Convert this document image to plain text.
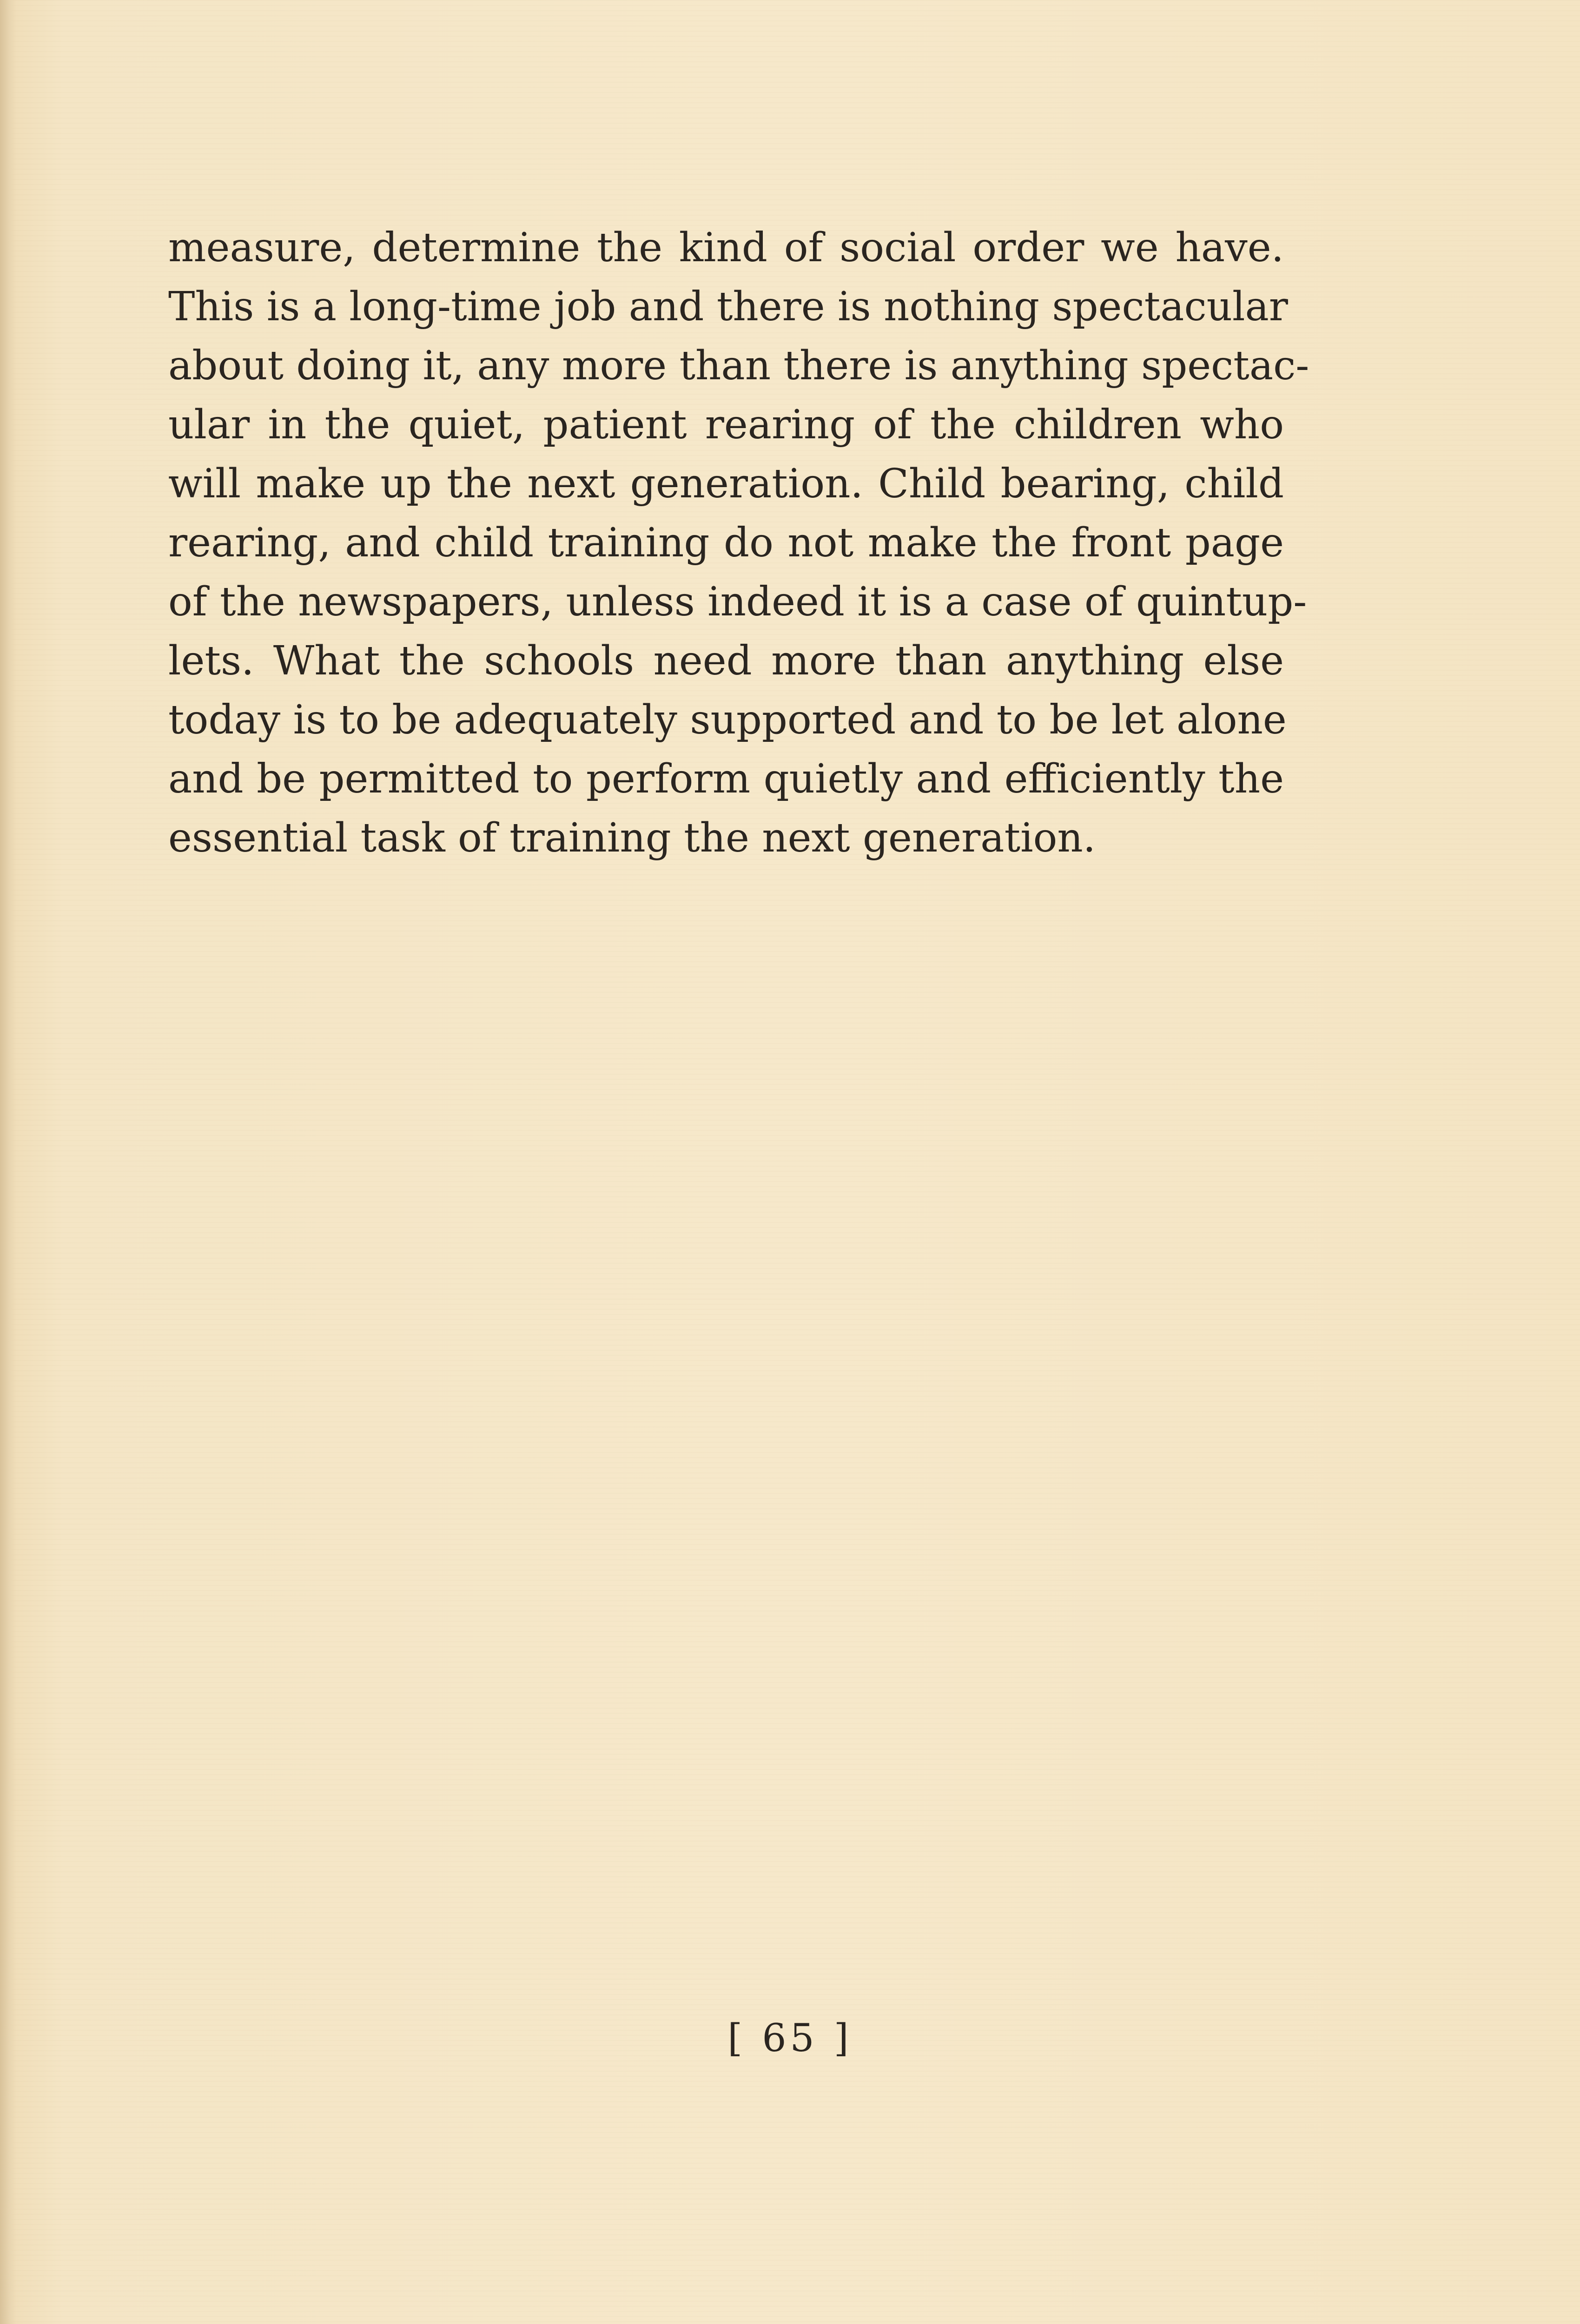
measure, determine the kind of social order we have.
This is a long-time job and there is nothing spectacular
about doing it, any more than there is anything spectac-
ular in the quiet, patient rearing of the children who
will make up the next generation. Child bearing, child
rearing, and child training do not make the front page
of the newspapers, unless indeed it is a case of quintup-
lets. What the schools need more than anything else
today is to be adequately supported and to be let alone
and be permitted to perform quietly and efficiently the
essential task of training the next generation.
[ 65 ]
